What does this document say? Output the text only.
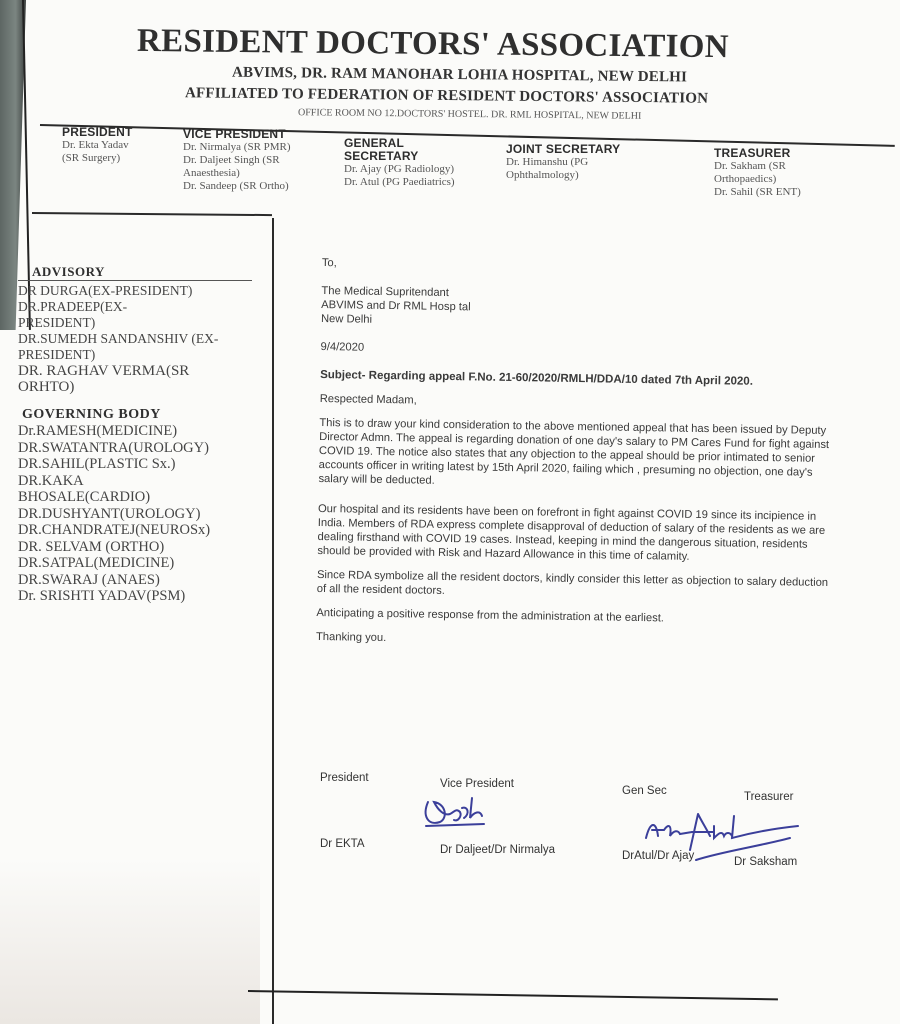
RESIDENT DOCTORS' ASSOCIATION
ABVIMS, DR. RAM MANOHAR LOHIA HOSPITAL, NEW DELHI
AFFILIATED TO FEDERATION OF RESIDENT DOCTORS' ASSOCIATION
OFFICE ROOM NO 12.DOCTORS' HOSTEL. DR. RML HOSPITAL, NEW DELHI
PRESIDENT
Dr. Ekta Yadav
(SR Surgery)
VICE PRESIDENT
Dr. Nirmalya (SR PMR)
Dr. Daljeet Singh (SR
Anaesthesia)
Dr. Sandeep (SR Ortho)
GENERAL
SECRETARY
Dr. Ajay (PG Radiology)
Dr. Atul (PG Paediatrics)
JOINT SECRETARY
Dr. Himanshu (PG
Ophthalmology)
TREASURER
Dr. Sakham (SR
Orthopaedics)
Dr. Sahil (SR ENT)
ADVISORY
DR DURGA(EX-PRESIDENT)
DR.PRADEEP(EX-
PRESIDENT)
DR.SUMEDH SANDANSHIV (EX-
PRESIDENT)
DR. RAGHAV VERMA(SR
ORHTO)
GOVERNING BODY
Dr.RAMESH(MEDICINE)
DR.SWATANTRA(UROLOGY)
DR.SAHIL(PLASTIC Sx.)
DR.KAKA
BHOSALE(CARDIO)
DR.DUSHYANT(UROLOGY)
DR.CHANDRATEJ(NEUROSx)
DR. SELVAM (ORTHO)
DR.SATPAL(MEDICINE)
DR.SWARAJ (ANAES)
Dr. SRISHTI YADAV(PSM)

To,

The Medical Supritendant
ABVIMS and Dr RML Hosp tal
New Delhi

9/4/2020

Subject- Regarding appeal F.No. 21-60/2020/RMLH/DDA/10 dated 7th April 2020.

Respected Madam,

This is to draw your kind consideration to the above mentioned appeal that has been issued by Deputy Director Admn. The appeal is regarding donation of one day's salary to PM Cares Fund for fight against COVID 19. The notice also states that any objection to the appeal should be prior intimated to senior accounts officer in writing latest by 15th April 2020, failing which , presuming no objection, one day's salary will be deducted.

Our hospital and its residents have been on forefront in fight against COVID 19 since its incipience in India. Members of RDA express complete disapproval of deduction of salary of the residents as we are dealing firsthand with COVID 19 cases. Instead, keeping in mind the dangerous situation, residents should be provided with Risk and Hazard Allowance in this time of calamity.

Since RDA symbolize all the resident doctors, kindly consider this letter as objection to salary deduction of all the resident doctors.

Anticipating a positive response from the administration at the earliest.

Thanking you.

President	Vice President
Gen Sec	Treasurer
Dr EKTA	Dr Daljeet/Dr Nirmalya	DrAtul/Dr Ajay	Dr Saksham
